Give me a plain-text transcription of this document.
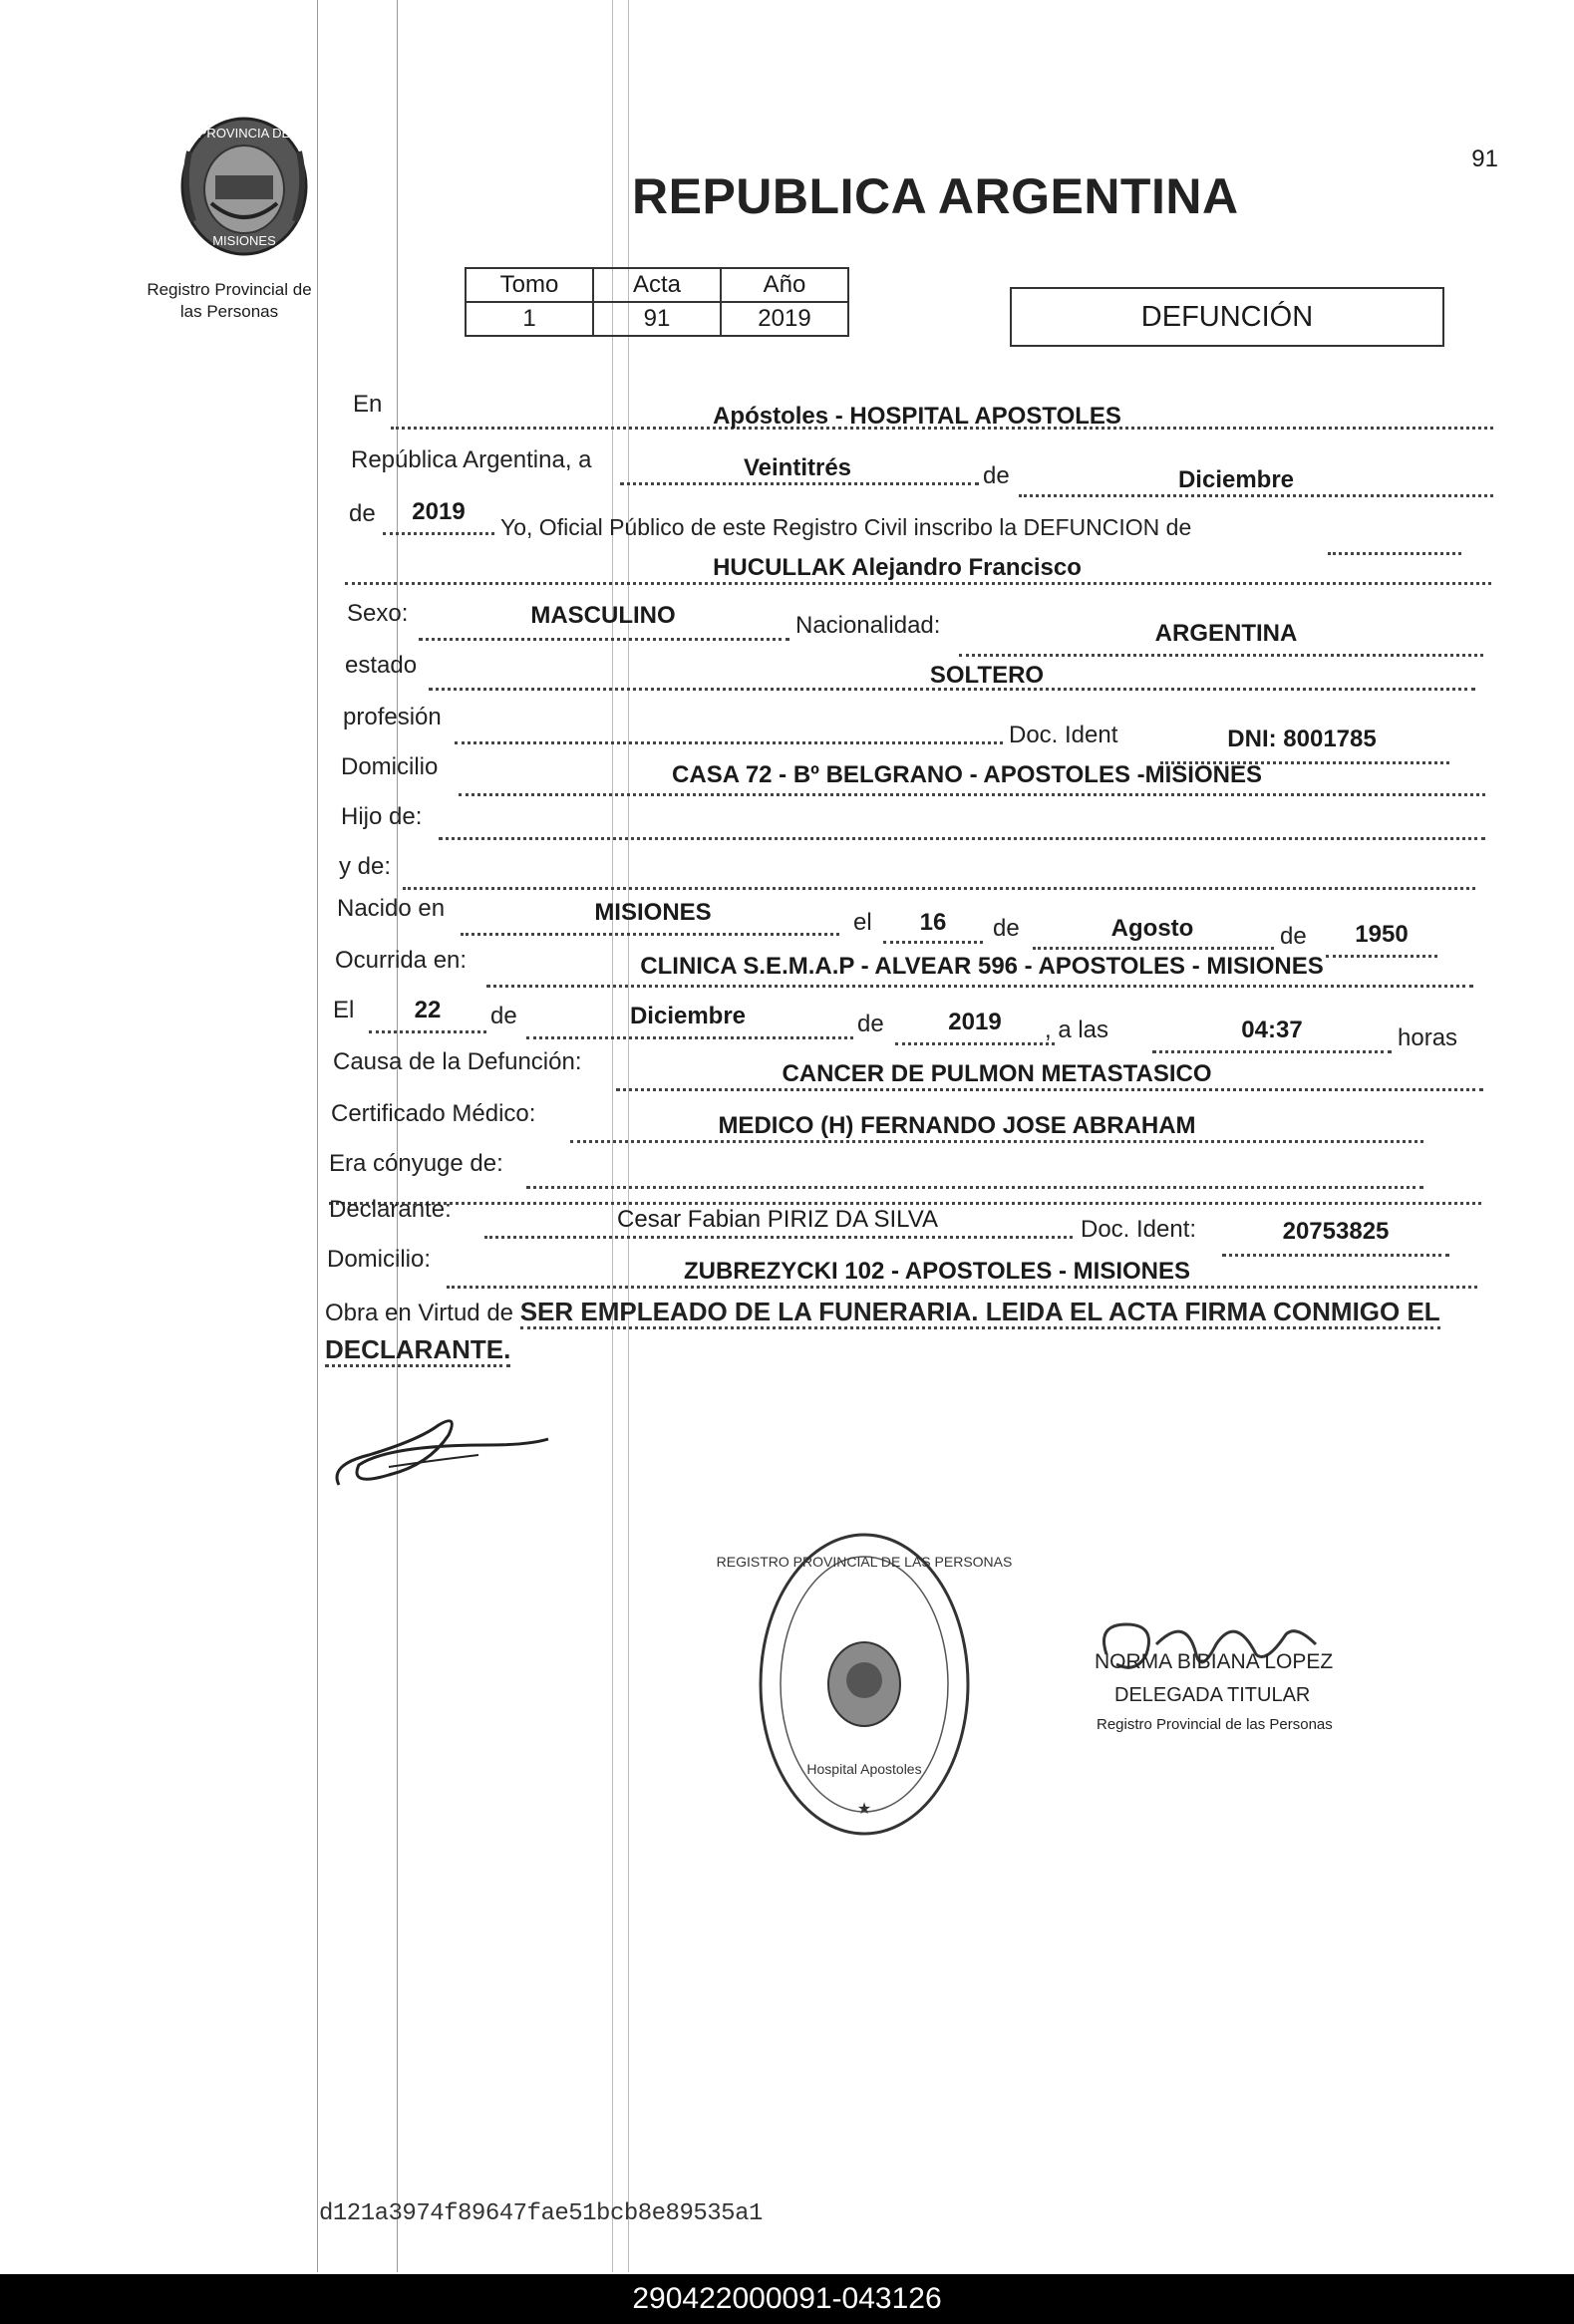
91
PROVINCIA DE
MISIONES
Registro Provincial de
las Personas
REPUBLICA ARGENTINA
Tomo	Acta	Año
1	91	2019	DEFUNCIÓN
En	Apóstoles - HOSPITAL APOSTOLES
República Argentina, a	Veintitrés	de	Diciembre
de	2019
Yo, Oficial Público de este Registro Civil inscribo la DEFUNCION de
HUCULLAK Alejandro Francisco
Sexo:	MASCULINO	Nacionalidad:	ARGENTINA
estado	SOLTERO
profesión
Doc. Ident	DNI: 8001785
Domicilio	CASA 72 - Bº BELGRANO - APOSTOLES -MISIONES
Hijo de:
y de:
Nacido en	MISIONES	el	16	de	Agosto	de	1950
Ocurrida en:	CLINICA S.E.M.A.P - ALVEAR 596 - APOSTOLES - MISIONES
El	22	de	Diciembre	de	2019	, a las	04:37	horas
Causa de la Defunción:	CANCER DE PULMON METASTASICO
Certificado Médico:	MEDICO (H) FERNANDO JOSE ABRAHAM
Era cónyuge de:
Declarante:	Cesar Fabian PIRIZ DA SILVA	Doc. Ident:	20753825
Domicilio:	ZUBREZYCKI 102 - APOSTOLES - MISIONES
Obra en Virtud de SER EMPLEADO DE LA FUNERARIA. LEIDA EL ACTA FIRMA CONMIGO EL DECLARANTE.
REGISTRO PROVINCIAL DE LAS PERSONAS
Hospital Apostoles
★
NORMA BIBIANA LOPEZ
DELEGADA TITULAR
Registro Provincial de las Personas
d121a3974f89647fae51bcb8e89535a1
290422000091-043126
